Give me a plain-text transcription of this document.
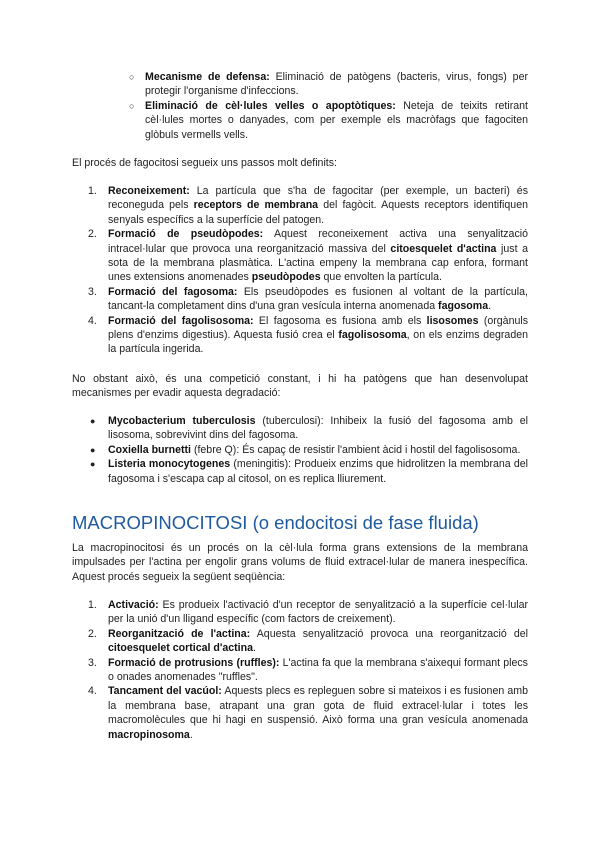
○ Mecanisme de defensa: Eliminació de patògens (bacteris, virus, fongs) per protegir l'organisme d'infeccions.
○ Eliminació de cèl·lules velles o apoptòtiques: Neteja de teixits retirant cèl·lules mortes o danyades, com per exemple els macròfags que fagociten glòbuls vermells vells.

El procés de fagocitosi segueix uns passos molt definits:

1. Reconeixement: La partícula que s'ha de fagocitar (per exemple, un bacteri) és reconeguda pels receptors de membrana del fagòcit. Aquests receptors identifiquen senyals específics a la superfície del patogen.
2. Formació de pseudòpodes: Aquest reconeixement activa una senyalització intracel·lular que provoca una reorganització massiva del citoesquelet d'actina just a sota de la membrana plasmàtica. L'actina empeny la membrana cap enfora, formant unes extensions anomenades pseudòpodes que envolten la partícula.
3. Formació del fagosoma: Els pseudòpodes es fusionen al voltant de la partícula, tancant-la completament dins d'una gran vesícula interna anomenada fagosoma.
4. Formació del fagolisosoma: El fagosoma es fusiona amb els lisosomes (orgànuls plens d'enzims digestius). Aquesta fusió crea el fagolisosoma, on els enzims degraden la partícula ingerida.

No obstant això, és una competició constant, i hi ha patògens que han desenvolupat mecanismes per evadir aquesta degradació:

● Mycobacterium tuberculosis (tuberculosi): Inhibeix la fusió del fagosoma amb el lisosoma, sobrevivint dins del fagosoma.
● Coxiella burnetti (febre Q): És capaç de resistir l'ambient àcid i hostil del fagolisosoma.
● Listeria monocytogenes (meningitis): Produeix enzims que hidrolitzen la membrana del fagosoma i s'escapa cap al citosol, on es replica lliurement.
MACROPINOCITOSI (o endocitosi de fase fluida)

La macropinocitosi és un procés on la cèl·lula forma grans extensions de la membrana impulsades per l'actina per engolir grans volums de fluid extracel·lular de manera inespecífica. Aquest procés segueix la següent seqüència:

1. Activació: Es produeix l'activació d'un receptor de senyalització a la superfície cel·lular per la unió d'un lligand específic (com factors de creixement).
2. Reorganització de l'actina: Aquesta senyalització provoca una reorganització del citoesquelet cortical d'actina.
3. Formació de protrusions (ruffles): L'actina fa que la membrana s'aixequi formant plecs o onades anomenades "ruffles".
4. Tancament del vacúol: Aquests plecs es repleguen sobre si mateixos i es fusionen amb la membrana base, atrapant una gran gota de fluid extracel·lular i totes les macromolècules que hi hagi en suspensió. Això forma una gran vesícula anomenada macropinosoma.
